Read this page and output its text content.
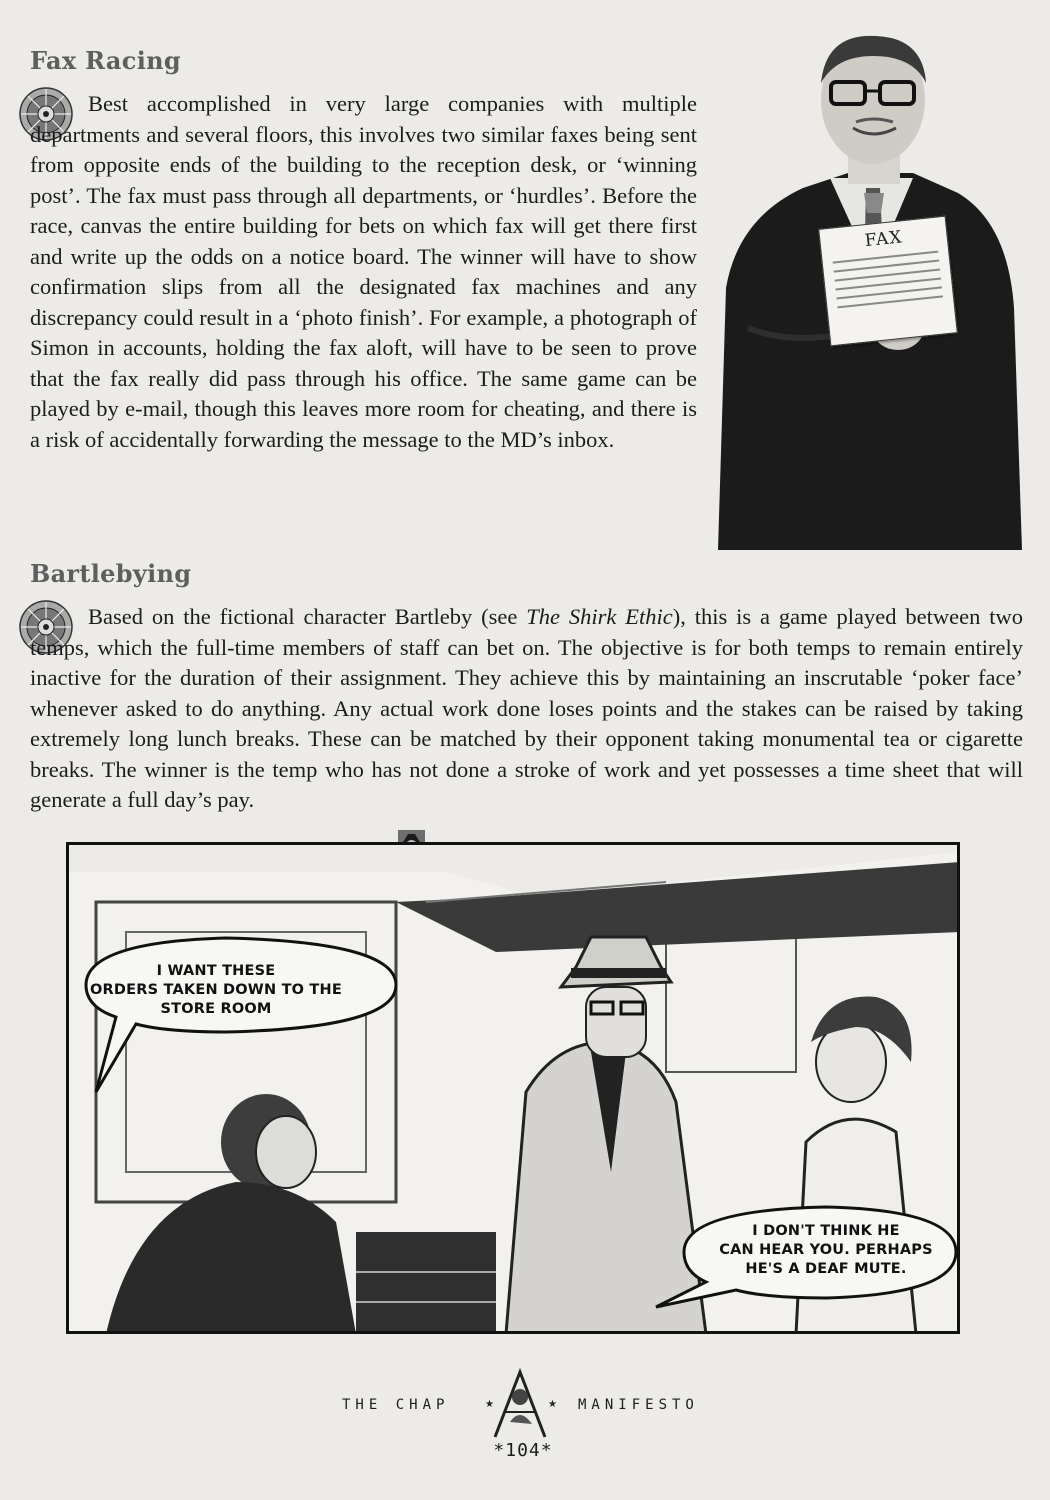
Fax Racing

Best accomplished in very large companies with multiple departments and several floors, this involves two similar faxes being sent from opposite ends of the building to the reception desk, or ‘winning post’. The fax must pass through all departments, or ‘hurdles’. Before the race, canvas the entire building for bets on which fax will get there first and write up the odds on a notice board. The winner will have to show confirmation slips from all the designated fax machines and any discrepancy could result in a ‘photo finish’. For example, a photograph of Simon in accounts, holding the fax aloft, will have to be seen to prove that the fax really did pass through his office. The same game can be played by e-mail, though this leaves more room for cheating, and there is a risk of accidentally forwarding the message to the MD’s inbox.

FAX
Bartlebying

Based on the fictional character Bartleby (see The Shirk Ethic), this is a game played between two temps, which the full-time members of staff can bet on. The objective is for both temps to remain entirely inactive for the duration of their assignment. They achieve this by maintaining an inscrutable ‘poker face’ whenever asked to do anything. Any actual work done loses points and the stakes can be raised by taking extremely long lunch breaks. These can be matched by their opponent taking monumental tea or cigarette breaks. The winner is the temp who has not done a stroke of work and yet possesses a time sheet that will generate a full day’s pay.

I WANT THESE
ORDERS TAKEN DOWN TO THE
STORE ROOM
I DON'T THINK HE
CAN HEAR YOU. PERHAPS
HE'S A DEAF MUTE.
THE CHAP	★	★ MANIFESTO
*104*
